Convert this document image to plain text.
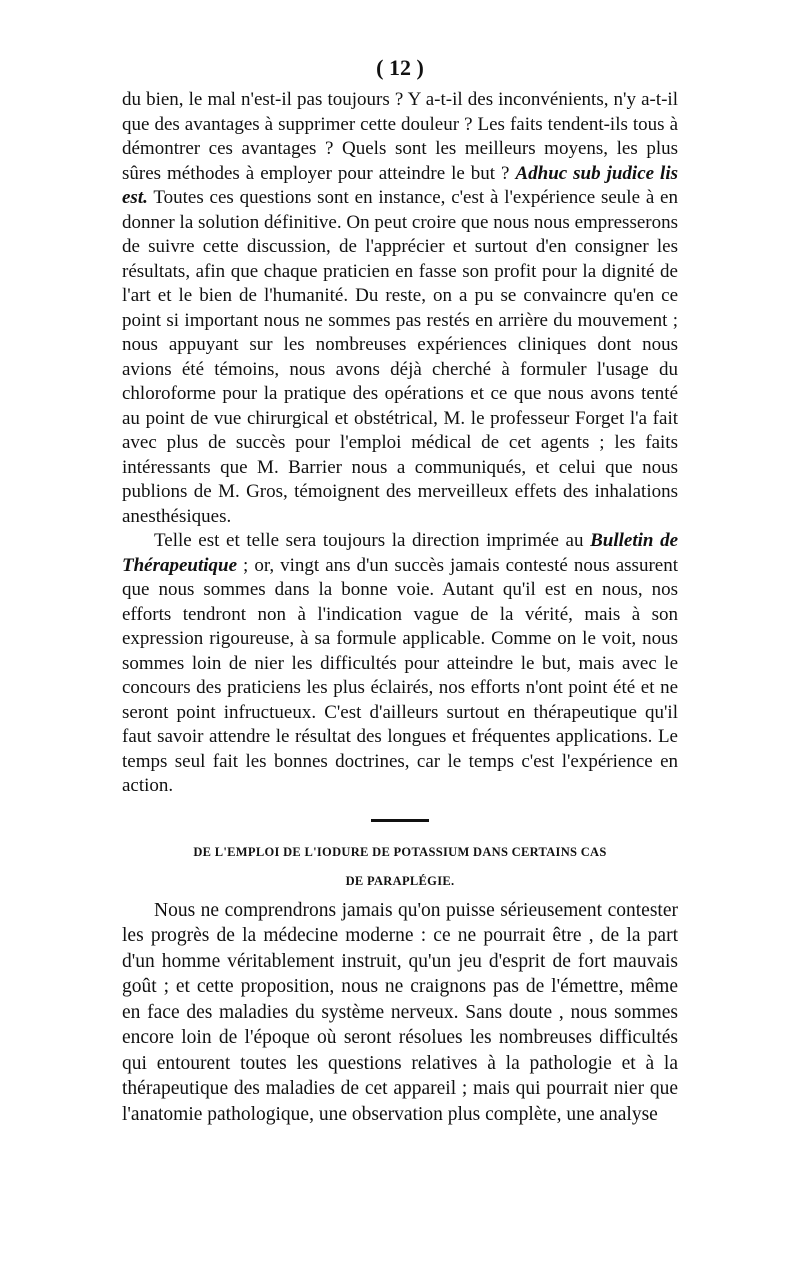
( 12 )

du bien, le mal n'est-il pas toujours ? Y a-t-il des inconvénients, n'y a-t-il que des avantages à supprimer cette douleur ? Les faits tendent-ils tous à démontrer ces avantages ? Quels sont les meilleurs moyens, les plus sûres méthodes à employer pour atteindre le but ? Adhuc sub judice lis est. Toutes ces questions sont en instance, c'est à l'expérience seule à en donner la solution définitive. On peut croire que nous nous empresserons de suivre cette discussion, de l'apprécier et surtout d'en consigner les résultats, afin que chaque praticien en fasse son profit pour la dignité de l'art et le bien de l'humanité. Du reste, on a pu se convaincre qu'en ce point si important nous ne sommes pas restés en arrière du mouvement ; nous appuyant sur les nombreuses expériences cliniques dont nous avions été témoins, nous avons déjà cherché à formuler l'usage du chloroforme pour la pratique des opérations et ce que nous avons tenté au point de vue chirurgical et obstétrical, M. le professeur Forget l'a fait avec plus de succès pour l'emploi médical de cet agents ; les faits intéressants que M. Barrier nous a communiqués, et celui que nous publions de M. Gros, témoignent des merveilleux effets des inhalations anesthésiques.

Telle est et telle sera toujours la direction imprimée au Bulletin de Thérapeutique ; or, vingt ans d'un succès jamais contesté nous assurent que nous sommes dans la bonne voie. Autant qu'il est en nous, nos efforts tendront non à l'indication vague de la vérité, mais à son expression rigoureuse, à sa formule applicable. Comme on le voit, nous sommes loin de nier les difficultés pour atteindre le but, mais avec le concours des praticiens les plus éclairés, nos efforts n'ont point été et ne seront point infructueux. C'est d'ailleurs surtout en thérapeutique qu'il faut savoir attendre le résultat des longues et fréquentes applications. Le temps seul fait les bonnes doctrines, car le temps c'est l'expérience en action.

DE L'EMPLOI DE L'IODURE DE POTASSIUM DANS CERTAINS CAS
DE PARAPLÉGIE.

Nous ne comprendrons jamais qu'on puisse sérieusement contester les progrès de la médecine moderne : ce ne pourrait être , de la part d'un homme véritablement instruit, qu'un jeu d'esprit de fort mauvais goût ; et cette proposition, nous ne craignons pas de l'émettre, même en face des maladies du système nerveux. Sans doute , nous sommes encore loin de l'époque où seront résolues les nombreuses difficultés qui entourent toutes les questions relatives à la pathologie et à la thérapeutique des maladies de cet appareil ; mais qui pourrait nier que l'anatomie pathologique, une observation plus complète, une analyse
